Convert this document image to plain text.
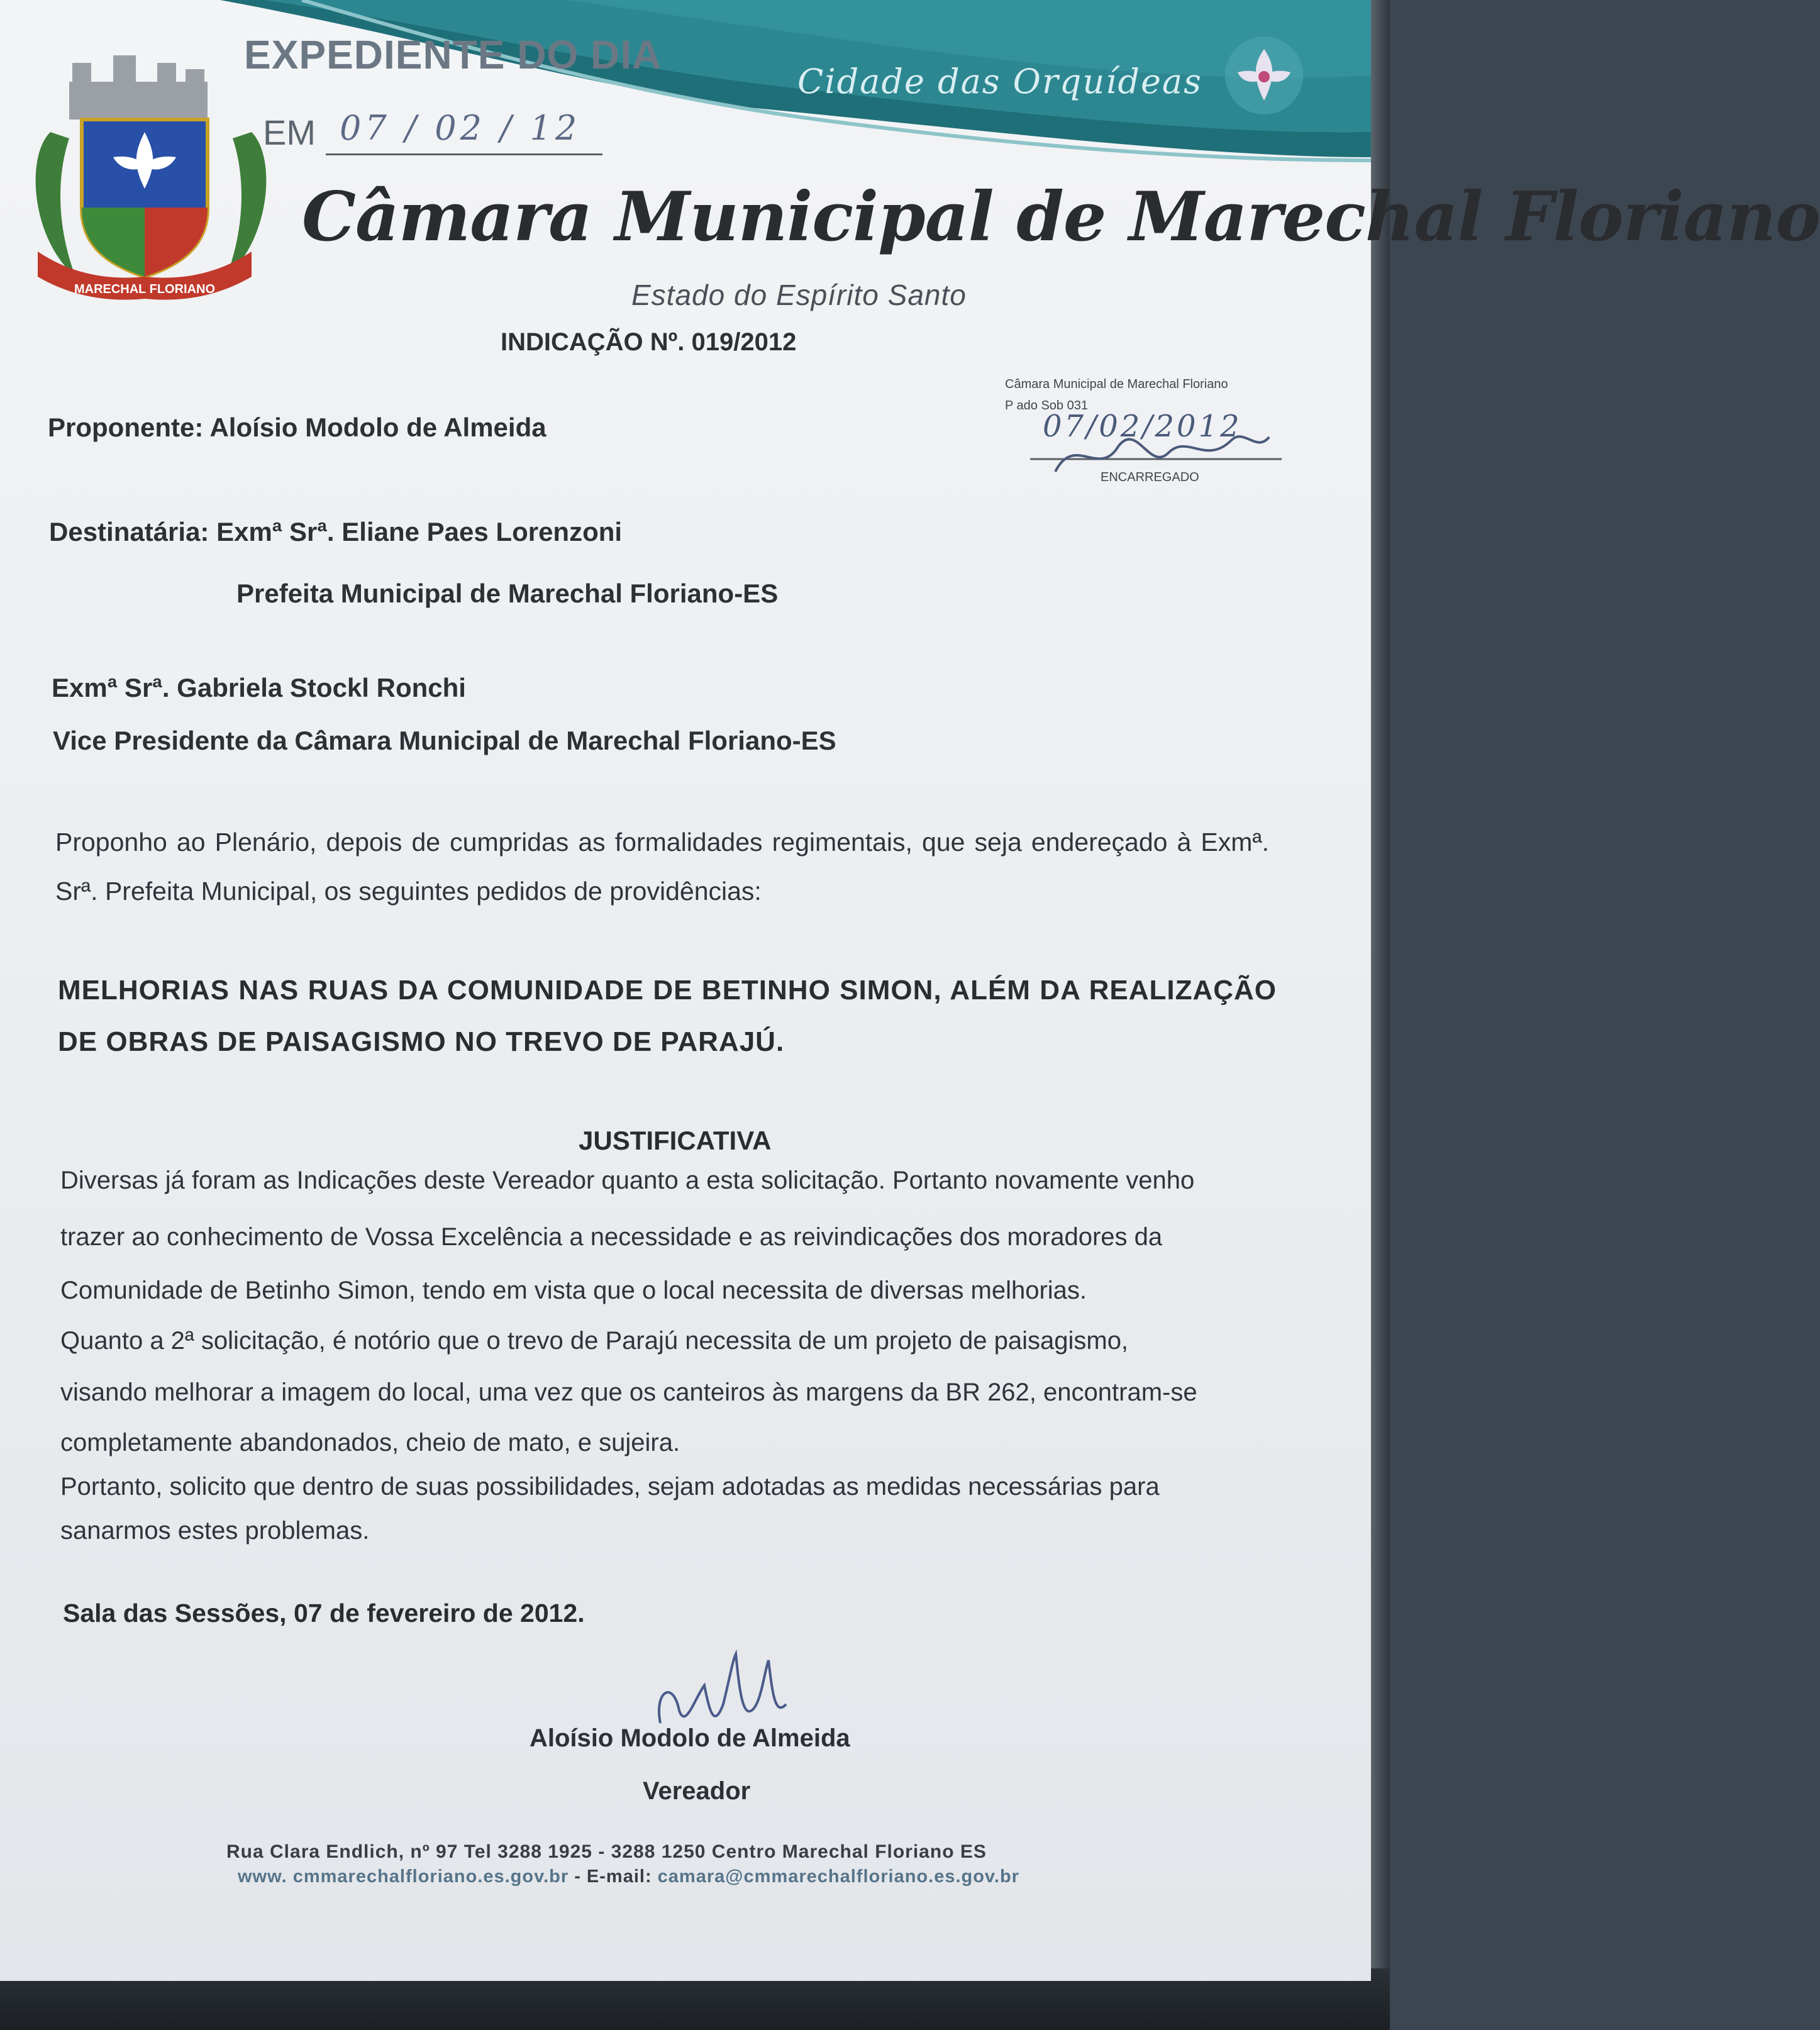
MARECHAL FLORIANO
Cidade das Orquídeas
EXPEDIENTE DO DIA
EM 07 / 02 / 12
Câmara Municipal de Marechal Floriano
Estado do Espírito Santo
INDICAÇÃO Nº. 019/2012
Câmara Municipal de Marechal Floriano
P ado Sob 031
07/02/2012
ENCARREGADO
Proponente: Aloísio Modolo de Almeida
Destinatária: Exmª Srª. Eliane Paes Lorenzoni
Prefeita Municipal de Marechal Floriano-ES
Exmª Srª. Gabriela Stockl Ronchi
Vice Presidente da Câmara Municipal de Marechal Floriano-ES
Proponho ao Plenário, depois de cumpridas as formalidades regimentais, que seja endereçado à Exmª. Srª. Prefeita Municipal, os seguintes pedidos de providências:
MELHORIAS NAS RUAS DA COMUNIDADE DE BETINHO SIMON, ALÉM DA REALIZAÇÃO DE OBRAS DE PAISAGISMO NO TREVO DE PARAJÚ.
JUSTIFICATIVA
Diversas já foram as Indicações deste Vereador quanto a esta solicitação. Portanto novamente venho
trazer ao conhecimento de Vossa Excelência a necessidade e as reivindicações dos moradores da
Comunidade de Betinho Simon, tendo em vista que o local necessita de diversas melhorias.
Quanto a 2ª solicitação, é notório que o trevo de Parajú necessita de um projeto de paisagismo,
visando melhorar a imagem do local, uma vez que os canteiros às margens da BR 262, encontram-se
completamente abandonados, cheio de mato, e sujeira.
Portanto, solicito que dentro de suas possibilidades, sejam adotadas as medidas necessárias para
sanarmos estes problemas.
Sala das Sessões, 07 de fevereiro de 2012.
Aloísio Modolo de Almeida
Vereador
Rua Clara Endlich, nº 97 Tel 3288 1925 - 3288 1250 Centro Marechal Floriano ES
www. cmmarechalfloriano.es.gov.br - E-mail: camara@cmmarechalfloriano.es.gov.br
